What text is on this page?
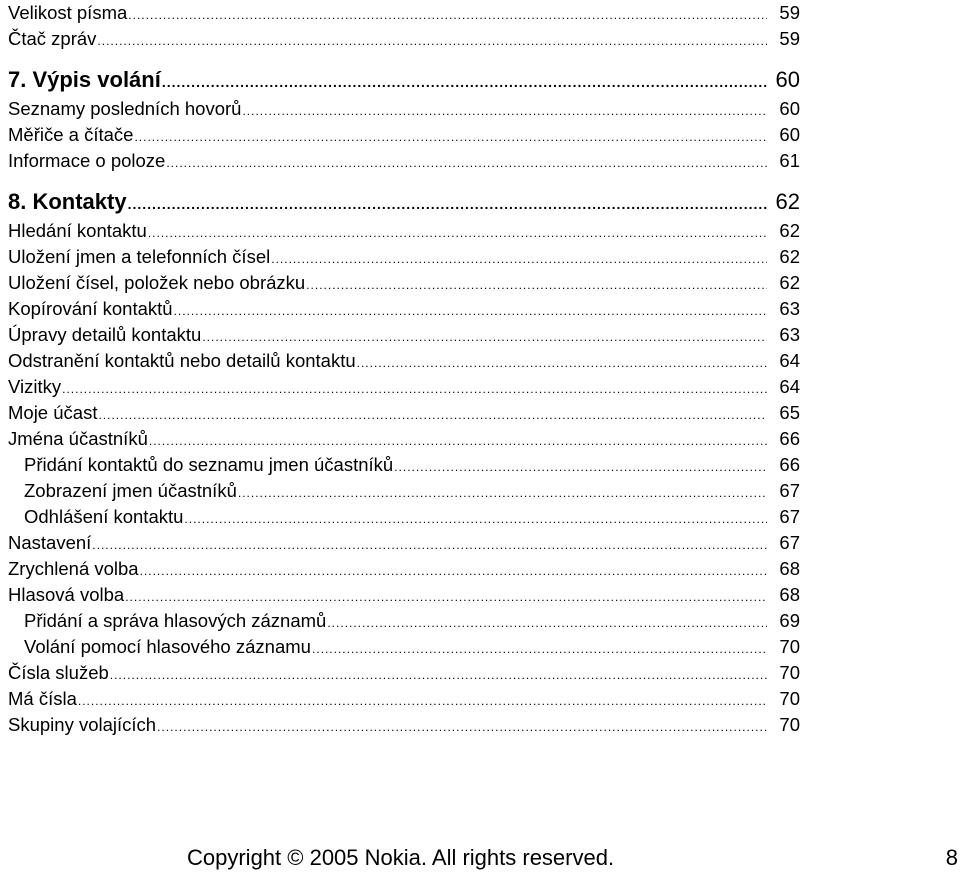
Velikost písma .....	59
Čtač zpráv .....	59
7. Výpis volání .....	60
Seznamy posledních hovorů .....	60
Měřiče a čítače .....	60
Informace o poloze .....	61
8. Kontakty .....	62
Hledání kontaktu .....	62
Uložení jmen a telefonních čísel .....	62
Uložení čísel, položek nebo obrázku .....	62
Kopírování kontaktů .....	63
Úpravy detailů kontaktu .....	63
Odstranění kontaktů nebo detailů kontaktu .....	64
Vizitky .....	64
Moje účast .....	65
Jména účastníků .....	66
Přidání kontaktů do seznamu jmen účastníků .....	66
Zobrazení jmen účastníků .....	67
Odhlášení kontaktu .....	67
Nastavení .....	67
Zrychlená volba .....	68
Hlasová volba .....	68
Přidání a správa hlasových záznamů .....	69
Volání pomocí hlasového záznamu .....	70
Čísla služeb .....	70
Má čísla .....	70
Skupiny volajících .....	70
Copyright © 2005 Nokia. All rights reserved.	8
